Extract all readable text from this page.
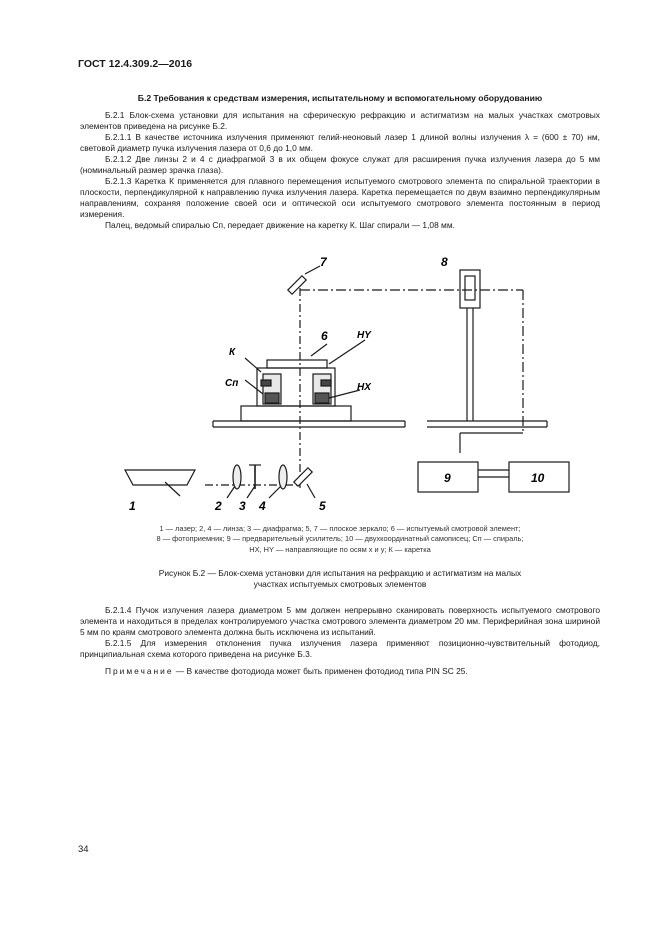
ГОСТ 12.4.309.2—2016
Б.2 Требования к средствам измерения, испытательному и вспомогательному оборудованию

Б.2.1 Блок-схема установки для испытания на сферическую рефракцию и астигматизм на малых участках смотровых элементов приведена на рисунке Б.2.

Б.2.1.1 В качестве источника излучения применяют гелий-неоновый лазер 1 длиной волны излучения λ = (600 ± 70) нм, световой диаметр пучка излучения лазера от 0,6 до 1,0 мм.

Б.2.1.2 Две линзы 2 и 4 с диафрагмой 3 в их общем фокусе служат для расширения пучка излучения лазера до 5 мм (номинальный размер зрачка глаза).

Б.2.1.3 Каретка К применяется для плавного перемещения испытуемого смотрового элемента по спиральной траектории в плоскости, перпендикулярной к направлению пучка излучения лазера. Каретка перемещается по двум взаимно перпендикулярным направлениям, сохраняя положение своей оси и оптической оси испытуемого смотрового элемента постоянным в период измерения.

Палец, ведомый спиралью Сп, передает движение на каретку К. Шаг спирали — 1,08 мм.

7	8
6
К
HY
Сп	HX
1	2 3 4	5
9	10

1 — лазер; 2, 4 — линза; 3 — диафрагма; 5, 7 — плоское зеркало; 6 — испытуемый смотровой элемент;

8 — фотоприемник; 9 — предварительный усилитель; 10 — двухкоординатный самописец; Сп — спираль;

HX, HY — направляющие по осям x и y; К — каретка

Рисунок Б.2 — Блок-схема установки для испытания на рефракцию и астигматизм на малых

участках испытуемых смотровых элементов

Б.2.1.4 Пучок излучения лазера диаметром 5 мм должен непрерывно сканировать поверхность испытуемого смотрового элемента и находиться в пределах контролируемого участка смотрового элемента диаметром 20 мм. Периферийная зона шириной 5 мм по краям смотрового элемента должна быть исключена из испытаний.

Б.2.1.5 Для измерения отклонения пучка излучения лазера применяют позиционно-чувствительный фотодиод, принципиальная схема которого приведена на рисунке Б.3.

Примечание — В качестве фотодиода может быть применен фотодиод типа PIN SC 25.

34
